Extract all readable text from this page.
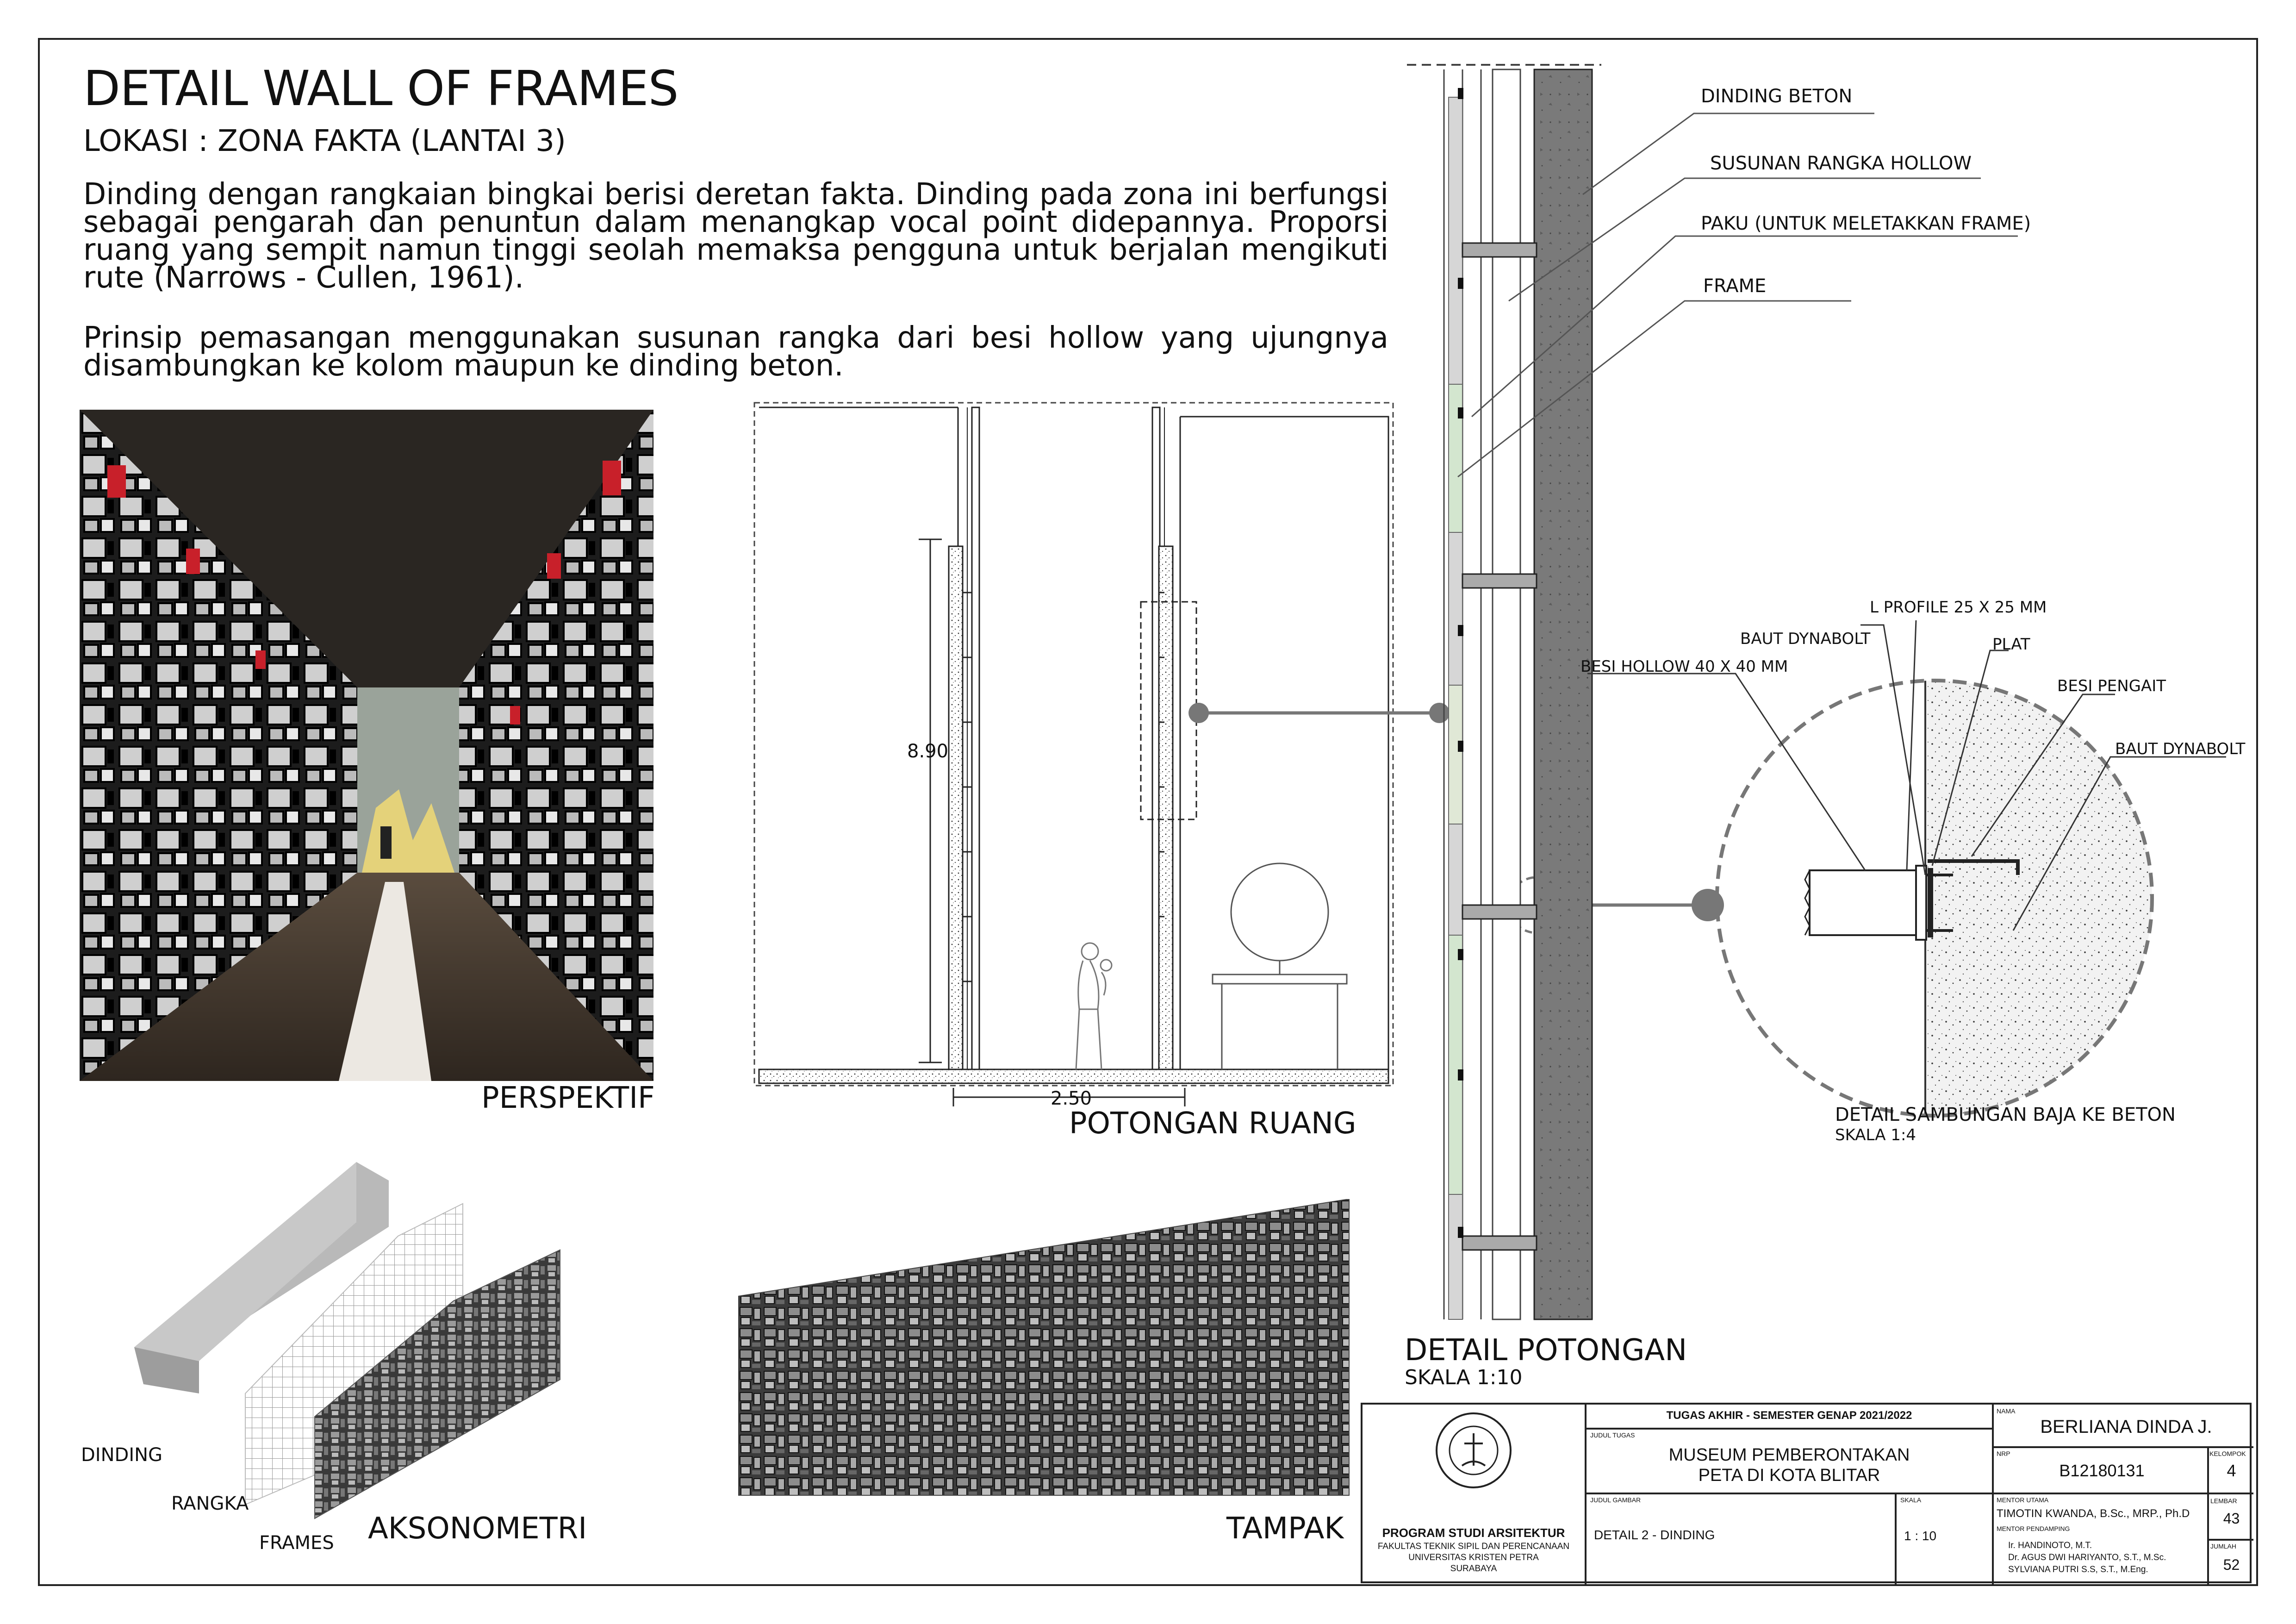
DETAIL WALL OF FRAMES
LOKASI : ZONA FAKTA (LANTAI 3)
Dinding dengan rangkaian bingkai berisi deretan fakta. Dinding pada zona ini berfungsi sebagai pengarah dan penuntun dalam menangkap vocal point didepannya. Proporsi ruang yang sempit namun tinggi seolah memaksa pengguna untuk berjalan mengikuti rute (Narrows - Cullen, 1961).
Prinsip pemasangan menggunakan susunan rangka dari besi hollow yang ujungnya disambungkan ke kolom maupun ke dinding beton.
PERSPEKTIF
8.90
2.50
POTONGAN RUANG
DINDING BETON
SUSUNAN RANGKA HOLLOW
PAKU (UNTUK MELETAKKAN FRAME)
FRAME
DETAIL POTONGAN
SKALA 1:10
L PROFILE 25 X 25 MM
BAUT DYNABOLT	PLAT
BESI HOLLOW 40 X 40 MM
BESI PENGAIT
BAUT DYNABOLT
DETAIL SAMBUNGAN BAJA KE BETON
SKALA 1:4
DINDING
RANGKA
FRAMES AKSONOMETRI	TAMPAK	PROGRAM STUDI ARSITEKTUR
FAKULTAS TEKNIK SIPIL DAN PERENCANAAN
UNIVERSITAS KRISTEN PETRA
SURABAYA
TUGAS AKHIR - SEMESTER GENAP 2021/2022
JUDUL TUGAS
MUSEUM PEMBERONTAKAN
PETA DI KOTA BLITAR
JUDUL GAMBAR
DETAIL 2 - DINDING
SKALA
1 : 10
NAMA
BERLIANA DINDA J.
NRP
B12180131
KELOMPOK
4
MENTOR UTAMA
TIMOTIN KWANDA, B.Sc., MRP., Ph.D
MENTOR PENDAMPING
Ir. HANDINOTO, M.T.
Dr. AGUS DWI HARIYANTO, S.T., M.Sc.
SYLVIANA PUTRI S.S, S.T., M.Eng.
LEMBAR
43
JUMLAH
52
